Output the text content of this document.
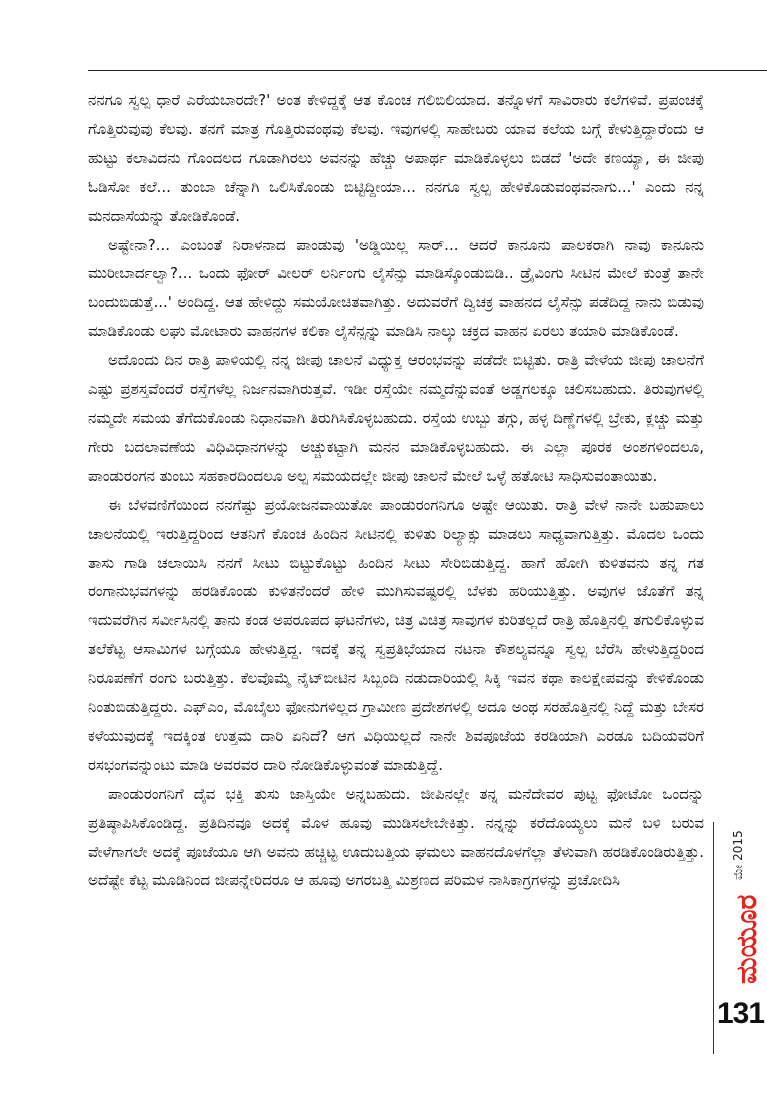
ನನಗೂ ಸ್ವಲ್ಪ ಧಾರೆ ಎರೆಯಬಾರದೇ?' ಅಂತ ಕೇಳಿದ್ದಕ್ಕೆ ಆತ ಕೊಂಚ ಗಲಿಬಿಲಿಯಾದ. ತನ್ನೊಳಗೆ ಸಾವಿರಾರು ಕಲೆಗಳಿವೆ. ಪ್ರಪಂಚಕ್ಕೆ ಗೊತ್ತಿರುವುವು ಕೆಲವು. ತನಗೆ ಮಾತ್ರ ಗೊತ್ತಿರುವಂಥವು ಕೆಲವು. ಇವುಗಳಲ್ಲಿ ಸಾಹೇಬರು ಯಾವ ಕಲೆಯ ಬಗ್ಗೆ ಕೇಳುತ್ತಿದ್ದಾರೆಂದು ಆ ಹುಟ್ಟು ಕಲಾವಿದನು ಗೊಂದಲದ ಗೂಡಾಗಿರಲು ಅವನನ್ನು ಹೆಚ್ಚು ಅಪಾರ್ಥ ಮಾಡಿಕೊಳ್ಳಲು ಬಿಡದೆ 'ಅದೇ ಕಣಯ್ಯಾ, ಈ ಜೀಪು ಓಡಿಸೋ ಕಲೆ... ತುಂಬಾ ಚೆನ್ನಾಗಿ ಒಲಿಸಿಕೊಂಡು ಬಿಟ್ಟಿದ್ದೀಯಾ... ನನಗೂ ಸ್ವಲ್ಪ ಹೇಳಿಕೊಡುವಂಥವನಾಗು...' ಎಂದು ನನ್ನ ಮನದಾಸೆಯನ್ನು ತೋಡಿಕೊಂಡೆ.

ಅಷ್ಟೇನಾ?... ಎಂಬಂತೆ ನಿರಾಳನಾದ ಪಾಂಡುವು 'ಅಡ್ಡಿಯಿಲ್ಲ ಸಾರ್... ಆದರೆ ಕಾನೂನು ಪಾಲಕರಾಗಿ ನಾವು ಕಾನೂನು ಮುರೀಬಾರ್ದಲ್ವಾ?... ಒಂದು ಫೋರ್ ವೀಲರ್ ಲರ್ನಿಂಗು ಲೈಸೆನ್ಸು ಮಾಡಿಸ್ಕೊಂಡುಬಿಡಿ.. ಡ್ರೈವಿಂಗು ಸೀಟಿನ ಮೇಲೆ ಕುಂತ್ರೆ ತಾನೇ ಬಂದುಬಿಡುತ್ತೆ...' ಅಂದಿದ್ದ. ಆತ ಹೇಳಿದ್ದು ಸಮಯೋಚಿತವಾಗಿತ್ತು. ಅದುವರೆಗೆ ದ್ವಿಚಕ್ರ ವಾಹನದ ಲೈಸೆನ್ಸು ಪಡೆದಿದ್ದ ನಾನು ಬಿಡುವು ಮಾಡಿಕೊಂಡು ಲಘು ಮೋಟಾರು ವಾಹನಗಳ ಕಲಿಕಾ ಲೈಸೆನ್ಸನ್ನು ಮಾಡಿಸಿ ನಾಲ್ಕು ಚಕ್ರದ ವಾಹನ ಏರಲು ತಯಾರಿ ಮಾಡಿಕೊಂಡೆ.

ಅದೊಂದು ದಿನ ರಾತ್ರಿ ಪಾಳಿಯಲ್ಲಿ ನನ್ನ ಜೀಪು ಚಾಲನೆ ವಿಧ್ಯುಕ್ತ ಆರಂಭವನ್ನು ಪಡೆದೇ ಬಿಟ್ಟಿತು. ರಾತ್ರಿ ವೇಳೆಯ ಜೀಪು ಚಾಲನೆಗೆ ಎಷ್ಟು ಪ್ರಶಸ್ತವೆಂದರೆ ರಸ್ತೆಗಳೆಲ್ಲ ನಿರ್ಜನವಾಗಿರುತ್ತವೆ. ಇಡೀ ರಸ್ತೆಯೇ ನಮ್ಮದೆನ್ನುವಂತೆ ಅಡ್ಡಗಲಕ್ಕೂ ಚಲಿಸಬಹುದು. ತಿರುವುಗಳಲ್ಲಿ ನಮ್ಮದೇ ಸಮಯ ತೆಗೆದುಕೊಂಡು ನಿಧಾನವಾಗಿ ತಿರುಗಿಸಿಕೊಳ್ಳಬಹುದು. ರಸ್ತೆಯ ಉಬ್ಬು ತಗ್ಗು, ಹಳ್ಳ ದಿಣ್ಣೆಗಳಲ್ಲಿ ಬ್ರೇಕು, ಕ್ಲಚ್ಚು ಮತ್ತು ಗೇರು ಬದಲಾವಣೆಯ ವಿಧಿವಿಧಾನಗಳನ್ನು ಅಚ್ಚುಕಟ್ಟಾಗಿ ಮನನ ಮಾಡಿಕೊಳ್ಳಬಹುದು. ಈ ಎಲ್ಲಾ ಪೂರಕ ಅಂಶಗಳಿಂದಲೂ, ಪಾಂಡುರಂಗನ ತುಂಬು ಸಹಕಾರದಿಂದಲೂ ಅಲ್ಪ ಸಮಯದಲ್ಲೇ ಜೀಪು ಚಾಲನೆ ಮೇಲೆ ಒಳ್ಳೆ ಹತೋಟಿ ಸಾಧಿಸುವಂತಾಯಿತು.

ಈ ಬೆಳವಣಿಗೆಯಿಂದ ನನಗೆಷ್ಟು ಪ್ರಯೋಜನವಾಯಿತೋ ಪಾಂಡುರಂಗನಿಗೂ ಅಷ್ಟೇ ಆಯಿತು. ರಾತ್ರಿ ವೇಳೆ ನಾನೇ ಬಹುಪಾಲು ಚಾಲನೆಯಲ್ಲಿ ಇರುತ್ತಿದ್ದರಿಂದ ಆತನಿಗೆ ಕೊಂಚ ಹಿಂದಿನ ಸೀಟಿನಲ್ಲಿ ಕುಳಿತು ರಿಲ್ಯಾಕ್ಸು ಮಾಡಲು ಸಾಧ್ಯವಾಗುತ್ತಿತ್ತು. ಮೊದಲ ಒಂದು ತಾಸು ಗಾಡಿ ಚಲಾಯಿಸಿ ನನಗೆ ಸೀಟು ಬಿಟ್ಟುಕೊಟ್ಟು ಹಿಂದಿನ ಸೀಟು ಸೇರಿಬಿಡುತ್ತಿದ್ದ. ಹಾಗೆ ಹೋಗಿ ಕುಳಿತವನು ತನ್ನ ಗತ ರಂಗಾನುಭವಗಳನ್ನು ಹರಡಿಕೊಂಡು ಕುಳಿತನೆಂದರೆ ಹೇಳಿ ಮುಗಿಸುವಷ್ಟರಲ್ಲಿ ಬೆಳಕು ಹರಿಯುತ್ತಿತ್ತು. ಅವುಗಳ ಜೊತೆಗೆ ತನ್ನ ಇದುವರೆಗಿನ ಸರ್ವೀಸಿನಲ್ಲಿ ತಾನು ಕಂಡ ಅಪರೂಪದ ಘಟನೆಗಳು, ಚಿತ್ರ ವಿಚಿತ್ರ ಸಾವುಗಳ ಕುರಿತಲ್ಲದೆ ರಾತ್ರಿ ಹೊತ್ತಿನಲ್ಲಿ ತಗುಲಿಕೊಳ್ಳುವ ತಲೆಕೆಟ್ಟ ಆಸಾಮಿಗಳ ಬಗ್ಗೆಯೂ ಹೇಳುತ್ತಿದ್ದ. ಇದಕ್ಕೆ ತನ್ನ ಸ್ವಪ್ರತಿಭೆಯಾದ ನಟನಾ ಕೌಶಲ್ಯವನ್ನೂ ಸ್ವಲ್ಪ ಬೆರೆಸಿ ಹೇಳುತ್ತಿದ್ದರಿಂದ ನಿರೂಪಣೆಗೆ ರಂಗು ಬರುತ್ತಿತ್ತು. ಕೆಲವೊಮ್ಮೆ ನೈಟ್‌ಬೀಟಿನ ಸಿಬ್ಬಂದಿ ನಡುದಾರಿಯಲ್ಲಿ ಸಿಕ್ಕಿ ಇವನ ಕಥಾ ಕಾಲಕ್ಷೇಪವನ್ನು ಕೇಳಿಕೊಂಡು ನಿಂತುಬಿಡುತ್ತಿದ್ದರು. ಎಫ್‌ಎಂ, ಮೊಬೈಲು ಫೋನುಗಳಿಲ್ಲದ ಗ್ರಾಮೀಣ ಪ್ರದೇಶಗಳಲ್ಲಿ ಅದೂ ಅಂಥ ಸರಹೊತ್ತಿನಲ್ಲಿ ನಿದ್ದೆ ಮತ್ತು ಬೇಸರ ಕಳೆಯುವುದಕ್ಕೆ ಇದಕ್ಕಿಂತ ಉತ್ತಮ ದಾರಿ ಏನಿದೆ? ಆಗ ವಿಧಿಯಿಲ್ಲದೆ ನಾನೇ ಶಿವಪೂಜೆಯ ಕರಡಿಯಾಗಿ ಎರಡೂ ಬದಿಯವರಿಗೆ ರಸಭಂಗವನ್ನುಂಟು ಮಾಡಿ ಅವರವರ ದಾರಿ ನೋಡಿಕೊಳ್ಳುವಂತೆ ಮಾಡುತ್ತಿದ್ದೆ.

ಪಾಂಡುರಂಗನಿಗೆ ದೈವ ಭಕ್ತಿ ತುಸು ಜಾಸ್ತಿಯೇ ಅನ್ನಬಹುದು. ಜೀಪಿನಲ್ಲೇ ತನ್ನ ಮನೆದೇವರ ಪುಟ್ಟ ಫೋಟೋ ಒಂದನ್ನು ಪ್ರತಿಷ್ಠಾಪಿಸಿಕೊಂಡಿದ್ದ. ಪ್ರತಿದಿನವೂ ಅದಕ್ಕೆ ಮೊಳ ಹೂವು ಮುಡಿಸಲೇಬೇಕಿತ್ತು. ನನ್ನನ್ನು ಕರೆದೊಯ್ಯಲು ಮನೆ ಬಳಿ ಬರುವ ವೇಳೆಗಾಗಲೇ ಅದಕ್ಕೆ ಪೂಜೆಯೂ ಆಗಿ ಅವನು ಹಚ್ಚಿಟ್ಟ ಊದುಬತ್ತಿಯ ಘಮಲು ವಾಹನದೊಳಗೆಲ್ಲಾ ತೆಳುವಾಗಿ ಹರಡಿಕೊಂಡಿರುತ್ತಿತ್ತು. ಅದೆಷ್ಟೇ ಕೆಟ್ಟ ಮೂಡಿನಿಂದ ಜೀಪನ್ನೇರಿದರೂ ಆ ಹೂವು ಅಗರಬತ್ತಿ ಮಿಶ್ರಣದ ಪರಿಮಳ ನಾಸಿಕಾಗ್ರಗಳನ್ನು ಪ್ರಚೋದಿಸಿ

ಮೇ 2015
ಮಯೂರ
131
